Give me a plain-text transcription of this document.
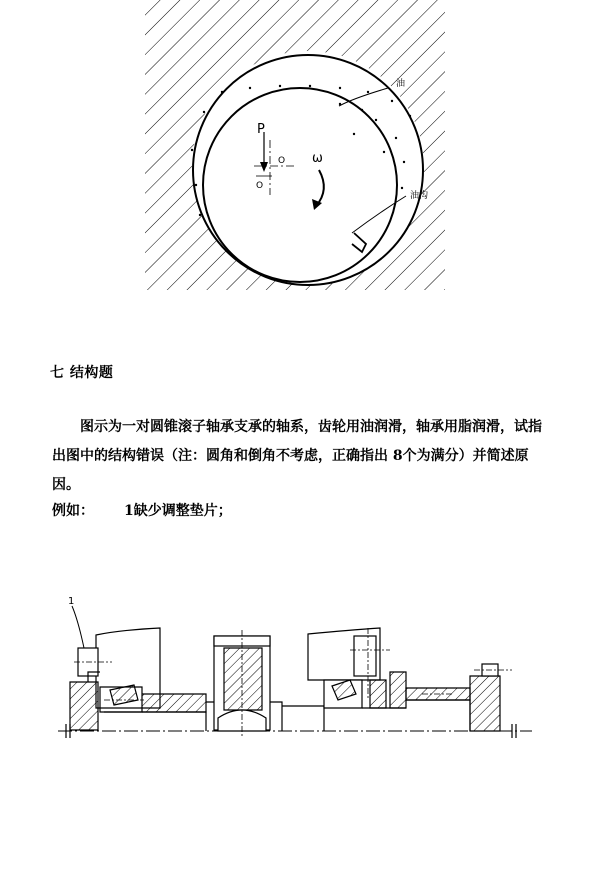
油
油沟
P
O
O
ω
七 结构题

图示为一对圆锥滚子轴承支承的轴系，齿轮用油润滑，轴承用脂润滑，试指出图中的结构错误（注：圆角和倒角不考虑，正确指出 8个为满分）并简述原因。

例如： 1缺少调整垫片；
1
